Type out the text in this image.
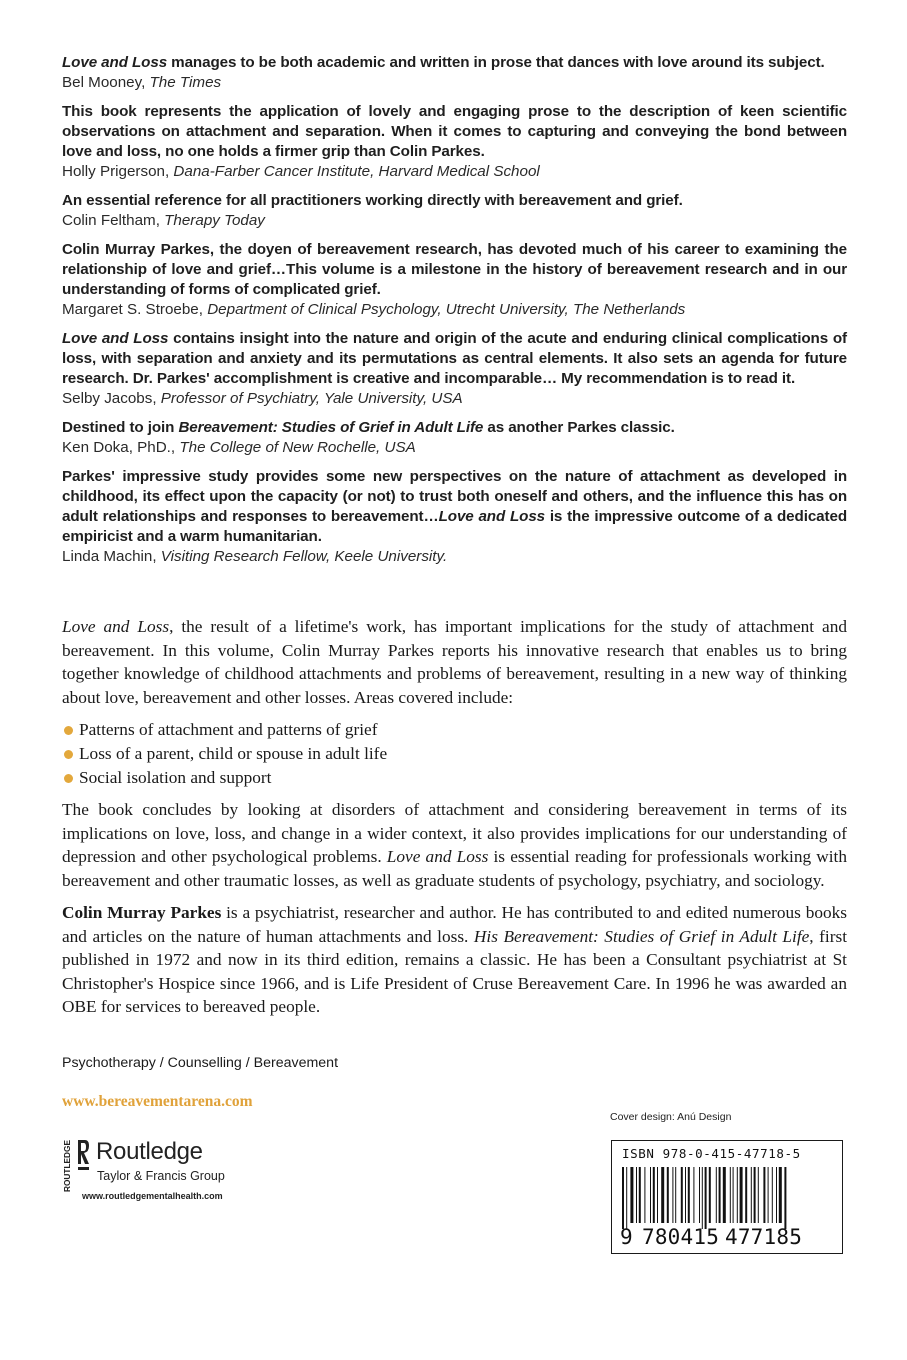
Love and Loss manages to be both academic and written in prose that dances with love around its subject.
Bel Mooney, The Times
This book represents the application of lovely and engaging prose to the description of keen scientific observations on attachment and separation. When it comes to capturing and conveying the bond between love and loss, no one holds a firmer grip than Colin Parkes.
Holly Prigerson, Dana-Farber Cancer Institute, Harvard Medical School
An essential reference for all practitioners working directly with bereavement and grief.
Colin Feltham, Therapy Today
Colin Murray Parkes, the doyen of bereavement research, has devoted much of his career to examining the relationship of love and grief…This volume is a milestone in the history of bereavement research and in our understanding of forms of complicated grief.
Margaret S. Stroebe, Department of Clinical Psychology, Utrecht University, The Netherlands
Love and Loss contains insight into the nature and origin of the acute and enduring clinical complications of loss, with separation and anxiety and its permutations as central elements. It also sets an agenda for future research. Dr. Parkes' accomplishment is creative and incomparable… My recommendation is to read it.
Selby Jacobs, Professor of Psychiatry, Yale University, USA
Destined to join Bereavement: Studies of Grief in Adult Life as another Parkes classic.
Ken Doka, PhD., The College of New Rochelle, USA
Parkes' impressive study provides some new perspectives on the nature of attachment as developed in childhood, its effect upon the capacity (or not) to trust both oneself and others, and the influence this has on adult relationships and responses to bereavement…Love and Loss is the impressive outcome of a dedicated empiricist and a warm humanitarian.
Linda Machin, Visiting Research Fellow, Keele University.

Love and Loss, the result of a lifetime's work, has important implications for the study of attachment and bereavement. In this volume, Colin Murray Parkes reports his innovative research that enables us to bring together knowledge of childhood attachments and problems of bereavement, resulting in a new way of thinking about love, bereavement and other losses. Areas covered include:

Patterns of attachment and patterns of grief
Loss of a parent, child or spouse in adult life
Social isolation and support

The book concludes by looking at disorders of attachment and considering bereavement in terms of its implications on love, loss, and change in a wider context, it also provides implications for our understanding of depression and other psychological problems. Love and Loss is essential reading for professionals working with bereavement and other traumatic losses, as well as graduate students of psychology, psychiatry, and sociology.

Colin Murray Parkes is a psychiatrist, researcher and author. He has contributed to and edited numerous books and articles on the nature of human attachments and loss. His Bereavement: Studies of Grief in Adult Life, first published in 1972 and now in its third edition, remains a classic. He has been a Consultant psychiatrist at St Christopher's Hospice since 1966, and is Life President of Cruse Bereavement Care. In 1996 he was awarded an OBE for services to bereaved people.

Psychotherapy / Counselling / Bereavement
www.bereavementarena.com
ROUTLEDGE Routledge
Taylor & Francis Group
www.routledgementalhealth.com
Cover design: Anú Design
ISBN 978-0-415-47718-5
9 780415 477185
